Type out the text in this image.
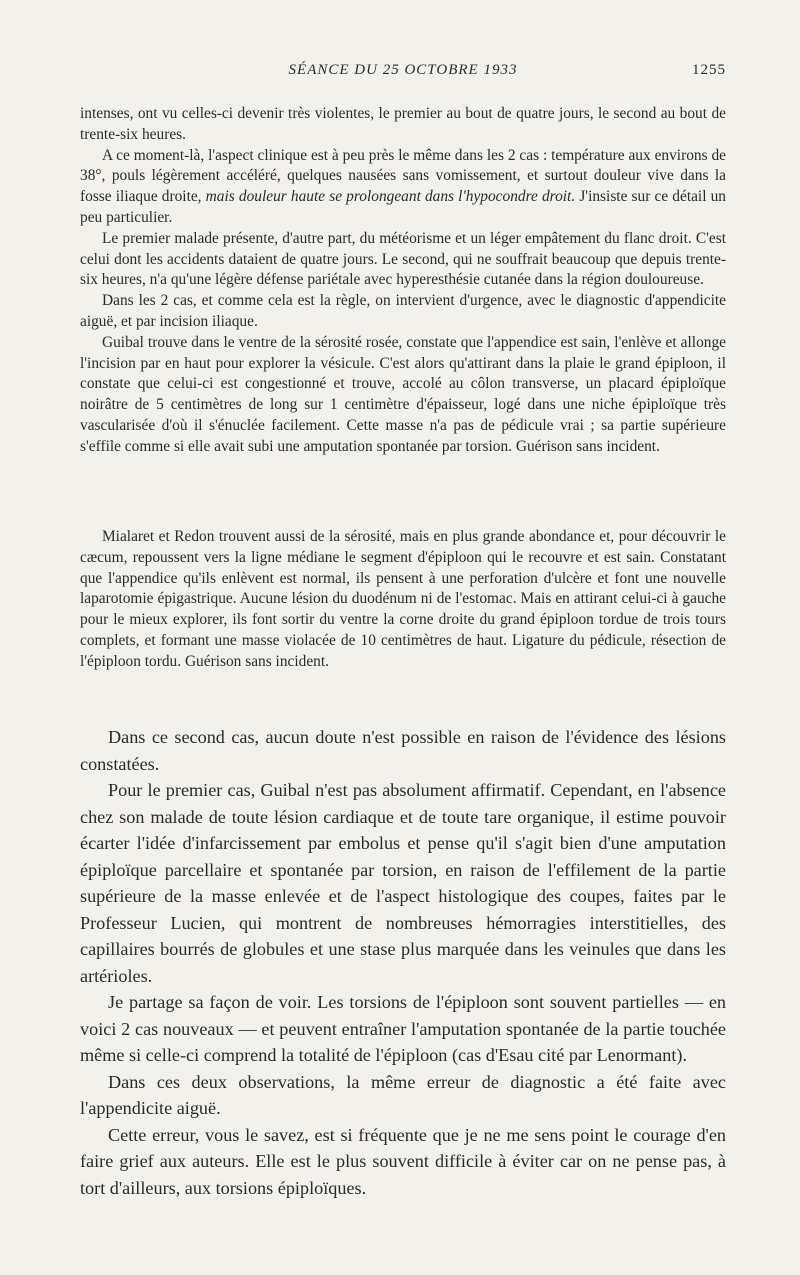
SÉANCE DU 25 OCTOBRE 1933	1255

intenses, ont vu celles-ci devenir très violentes, le premier au bout de quatre jours, le second au bout de trente-six heures.

A ce moment-là, l'aspect clinique est à peu près le même dans les 2 cas : température aux environs de 38°, pouls légèrement accéléré, quelques nausées sans vomissement, et surtout douleur vive dans la fosse iliaque droite, mais douleur haute se prolongeant dans l'hypocondre droit. J'insiste sur ce détail un peu particulier.

Le premier malade présente, d'autre part, du météorisme et un léger empâtement du flanc droit. C'est celui dont les accidents dataient de quatre jours. Le second, qui ne souffrait beaucoup que depuis trente-six heures, n'a qu'une légère défense pariétale avec hyperesthésie cutanée dans la région douloureuse.

Dans les 2 cas, et comme cela est la règle, on intervient d'urgence, avec le diagnostic d'appendicite aiguë, et par incision iliaque.

Guibal trouve dans le ventre de la sérosité rosée, constate que l'appendice est sain, l'enlève et allonge l'incision par en haut pour explorer la vésicule. C'est alors qu'attirant dans la plaie le grand épiploon, il constate que celui-ci est congestionné et trouve, accolé au côlon transverse, un placard épiploïque noirâtre de 5 centimètres de long sur 1 centimètre d'épaisseur, logé dans une niche épiploïque très vascularisée d'où il s'énuclée facilement. Cette masse n'a pas de pédicule vrai ; sa partie supérieure s'effile comme si elle avait subi une amputation spontanée par torsion. Guérison sans incident.

Mialaret et Redon trouvent aussi de la sérosité, mais en plus grande abondance et, pour découvrir le cæcum, repoussent vers la ligne médiane le segment d'épiploon qui le recouvre et est sain. Constatant que l'appendice qu'ils enlèvent est normal, ils pensent à une perforation d'ulcère et font une nouvelle laparotomie épigastrique. Aucune lésion du duodénum ni de l'estomac. Mais en attirant celui-ci à gauche pour le mieux explorer, ils font sortir du ventre la corne droite du grand épiploon tordue de trois tours complets, et formant une masse violacée de 10 centimètres de haut. Ligature du pédicule, résection de l'épiploon tordu. Guérison sans incident.

Dans ce second cas, aucun doute n'est possible en raison de l'évidence des lésions constatées.

Pour le premier cas, Guibal n'est pas absolument affirmatif. Cependant, en l'absence chez son malade de toute lésion cardiaque et de toute tare organique, il estime pouvoir écarter l'idée d'infarcissement par embolus et pense qu'il s'agit bien d'une amputation épiploïque parcellaire et spontanée par torsion, en raison de l'effilement de la partie supérieure de la masse enlevée et de l'aspect histologique des coupes, faites par le Professeur Lucien, qui montrent de nombreuses hémorragies interstitielles, des capillaires bourrés de globules et une stase plus marquée dans les veinules que dans les artérioles.

Je partage sa façon de voir. Les torsions de l'épiploon sont souvent partielles — en voici 2 cas nouveaux — et peuvent entraîner l'amputation spontanée de la partie touchée même si celle-ci comprend la totalité de l'épiploon (cas d'Esau cité par Lenormant).

Dans ces deux observations, la même erreur de diagnostic a été faite avec l'appendicite aiguë.

Cette erreur, vous le savez, est si fréquente que je ne me sens point le courage d'en faire grief aux auteurs. Elle est le plus souvent difficile à éviter car on ne pense pas, à tort d'ailleurs, aux torsions épiploïques.
